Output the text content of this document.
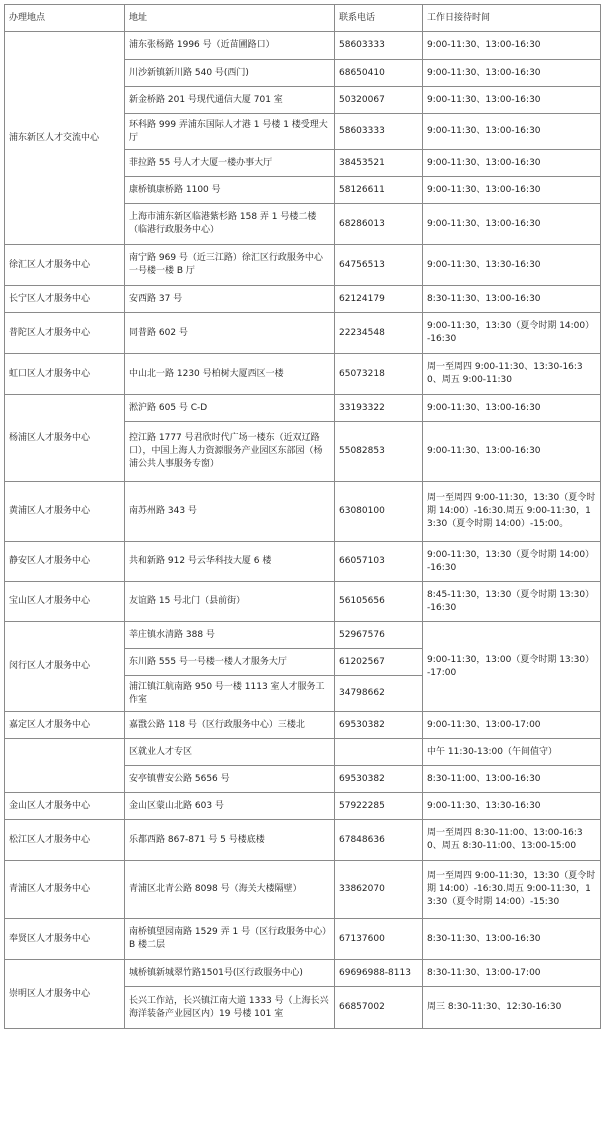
办理地点	地址	联系电话	工作日接待时间
浦东新区人才交流中心	浦东张杨路 1996 号（近苗圃路口）	58603333	9:00-11:30、13:00-16:30
	川沙新镇新川路 540 号(西门)	68650410	9:00-11:30、13:00-16:30
	新金桥路 201 号现代通信大厦 701 室	50320067	9:00-11:30、13:00-16:30
	环科路 999 弄浦东国际人才港 1 号楼 1 楼受理大厅	58603333	9:00-11:30、13:00-16:30
	菲拉路 55 号人才大厦一楼办事大厅	38453521	9:00-11:30、13:00-16:30
	康桥镇康桥路 1100 号	58126611	9:00-11:30、13:00-16:30
	上海市浦东新区临港紫杉路 158 弄 1 号楼二楼（临港行政服务中心）	68286013	9:00-11:30、13:00-16:30
徐汇区人才服务中心	南宁路 969 号（近三江路）徐汇区行政服务中心一号楼一楼 B 厅	64756513	9:00-11:30、13:30-16:30
长宁区人才服务中心	安西路 37 号	62124179	8:30-11:30、13:00-16:30
普陀区人才服务中心	同普路 602 号	22234548	9:00-11:30，13:30（夏令时期 14:00）-16:30
虹口区人才服务中心	中山北一路 1230 号柏树大厦西区一楼	65073218	周一至周四 9:00-11:30、13:30-16:30、周五 9:00-11:30
杨浦区人才服务中心	淞沪路 605 号 C-D	33193322	9:00-11:30、13:00-16:30
	控江路 1777 号君欣时代广场一楼东（近双辽路口），中国上海人力资源服务产业园区东部园（杨浦公共人事服务专窗）	55082853	9:00-11:30、13:00-16:30
黄浦区人才服务中心	南苏州路 343 号	63080100	周一至周四 9:00-11:30，13:30（夏令时期 14:00）-16:30.周五 9:00-11:30，13:30（夏令时期 14:00）-15:00。
静安区人才服务中心	共和新路 912 号云华科技大厦 6 楼	66057103	9:00-11:30，13:30（夏令时期 14:00）-16:30
宝山区人才服务中心	友谊路 15 号北门（县前街）	56105656	8:45-11:30，13:30（夏令时期 13:30）-16:30
闵行区人才服务中心	莘庄镇水清路 388 号	52967576	9:00-11:30，13:00（夏令时期 13:30）-17:00
	东川路 555 号一号楼一楼人才服务大厅	61202567	
	浦江镇江航南路 950 号一楼 1113 室人才服务工作室	34798662	
嘉定区人才服务中心	嘉戬公路 118 号（区行政服务中心）三楼北	69530382	9:00-11:30、13:00-17:00
	区就业人才专区		中午 11:30-13:00（午间值守）
	安亭镇曹安公路 5656 号	69530382	8:30-11:00、13:00-16:30
金山区人才服务中心	金山区蒙山北路 603 号	57922285	9:00-11:30、13:30-16:30
松江区人才服务中心	乐都西路 867-871 号 5 号楼底楼	67848636	周一至周四 8:30-11:00、13:00-16:30、周五 8:30-11:00、13:00-15:00
青浦区人才服务中心	青浦区北青公路 8098 号（海关大楼隔壁）	33862070	周一至周四 9:00-11:30，13:30（夏令时期 14:00）-16:30.周五 9:00-11:30，13:30（夏令时期 14:00）-15:30
奉贤区人才服务中心	南桥镇望园南路 1529 弄 1 号（区行政服务中心）B 楼二层	67137600	8:30-11:30、13:00-16:30
崇明区人才服务中心	城桥镇新城翠竹路1501号(区行政服务中心)	69696988-8113	8:30-11:30、13:00-17:00
	长兴工作站，长兴镇江南大道 1333 号（上海长兴海洋装备产业园区内）19 号楼 101 室	66857002	周三 8:30-11:30、12:30-16:30
